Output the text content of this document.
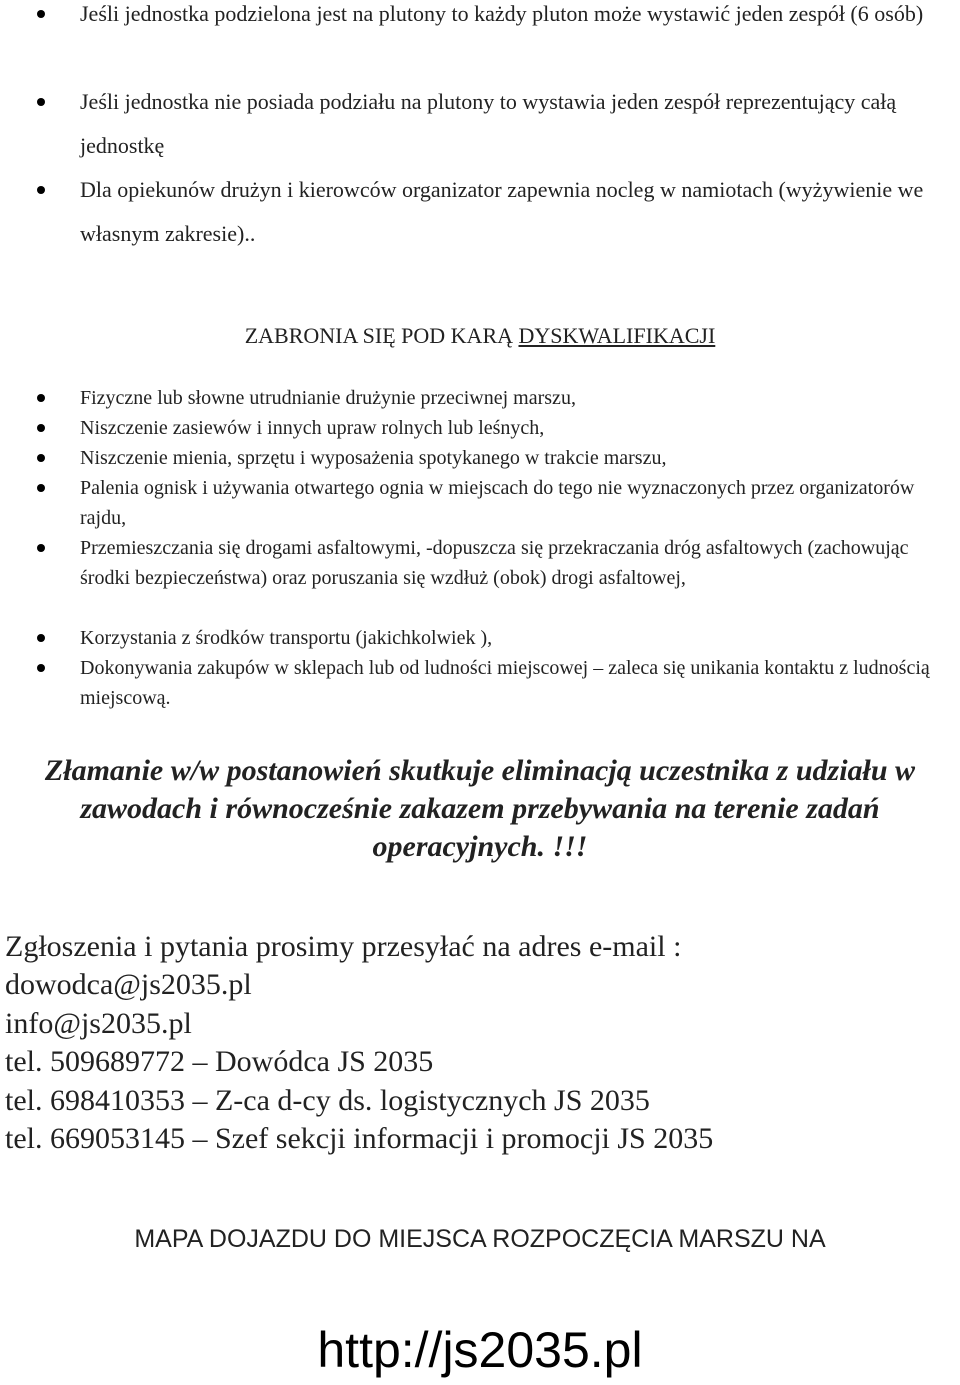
Jeśli jednostka podzielona jest na plutony to każdy pluton może wystawić jeden zespół (6 osób)
Jeśli jednostka nie posiada podziału na plutony to wystawia jeden zespół reprezentujący całą jednostkę
Dla opiekunów drużyn i kierowców organizator zapewnia nocleg w namiotach (wyżywienie we własnym zakresie)..
ZABRONIA SIĘ POD KARĄ DYSKWALIFIKACJI
Fizyczne lub słowne utrudnianie drużynie przeciwnej marszu,
Niszczenie zasiewów i innych upraw rolnych lub leśnych,
Niszczenie mienia, sprzętu i wyposażenia spotykanego w trakcie marszu,
Palenia ognisk i używania otwartego ognia w miejscach do tego nie wyznaczonych przez organizatorów rajdu,
Przemieszczania się drogami asfaltowymi, -dopuszcza się przekraczania dróg asfaltowych (zachowując środki bezpieczeństwa) oraz poruszania się wzdłuż (obok) drogi asfaltowej,
Korzystania z środków transportu (jakichkolwiek ),
Dokonywania zakupów w sklepach lub od ludności miejscowej – zaleca się unikania kontaktu z ludnością miejscową.
Złamanie w/w postanowień skutkuje eliminacją uczestnika z udziału w zawodach i równocześnie zakazem przebywania na terenie zadań operacyjnych. !!!
Zgłoszenia i pytania prosimy przesyłać na adres e-mail :
dowodca@js2035.pl
info@js2035.pl
tel. 509689772 – Dowódca JS 2035
tel. 698410353 – Z-ca d-cy ds. logistycznych JS 2035
tel. 669053145 – Szef sekcji informacji i promocji JS 2035
MAPA DOJAZDU DO MIEJSCA ROZPOCZĘCIA MARSZU NA
http://js2035.pl
